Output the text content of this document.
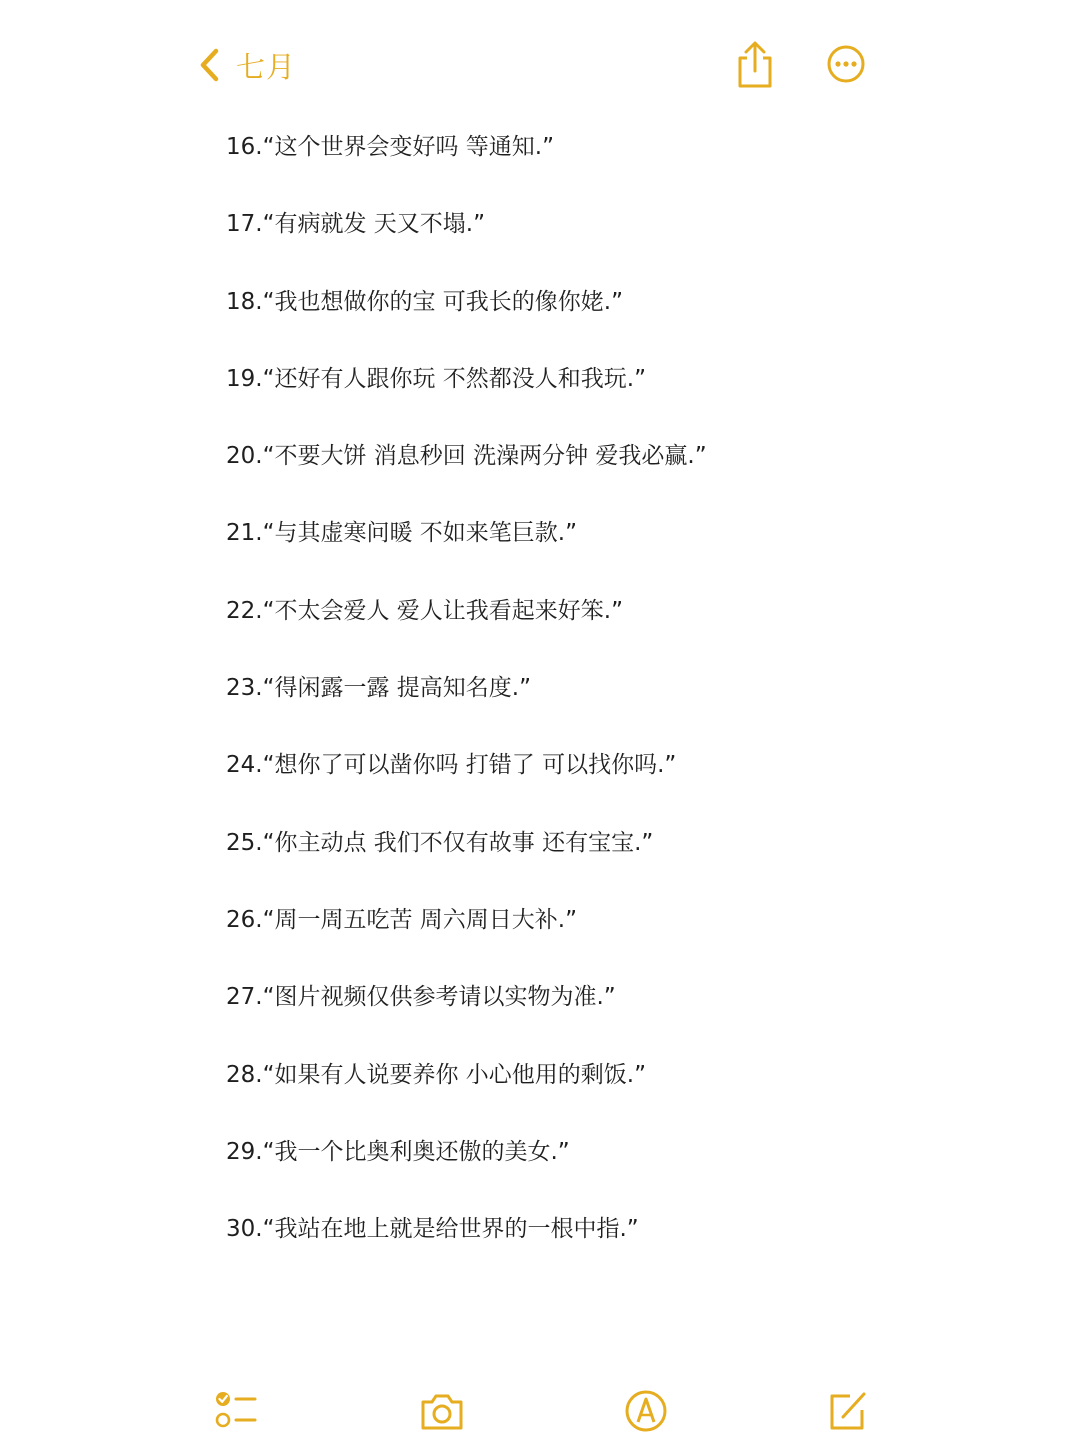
七月
16.“这个世界会变好吗 等通知.”
17.“有病就发 天又不塌.”
18.“我也想做你的宝 可我长的像你姥.”
19.“还好有人跟你玩 不然都没人和我玩.”
20.“不要大饼 消息秒回 洗澡两分钟 爱我必赢.”
21.“与其虚寒问暖 不如来笔巨款.”
22.“不太会爱人 爱人让我看起来好笨.”
23.“得闲露一露 提高知名度.”
24.“想你了可以凿你吗 打错了 可以找你吗.”
25.“你主动点 我们不仅有故事 还有宝宝.”
26.“周一周五吃苦 周六周日大补.”
27.“图片视频仅供参考请以实物为准.”
28.“如果有人说要养你 小心他用的剩饭.”
29.“我一个比奥利奥还傲的美女.”
30.“我站在地上就是给世界的一根中指.”
